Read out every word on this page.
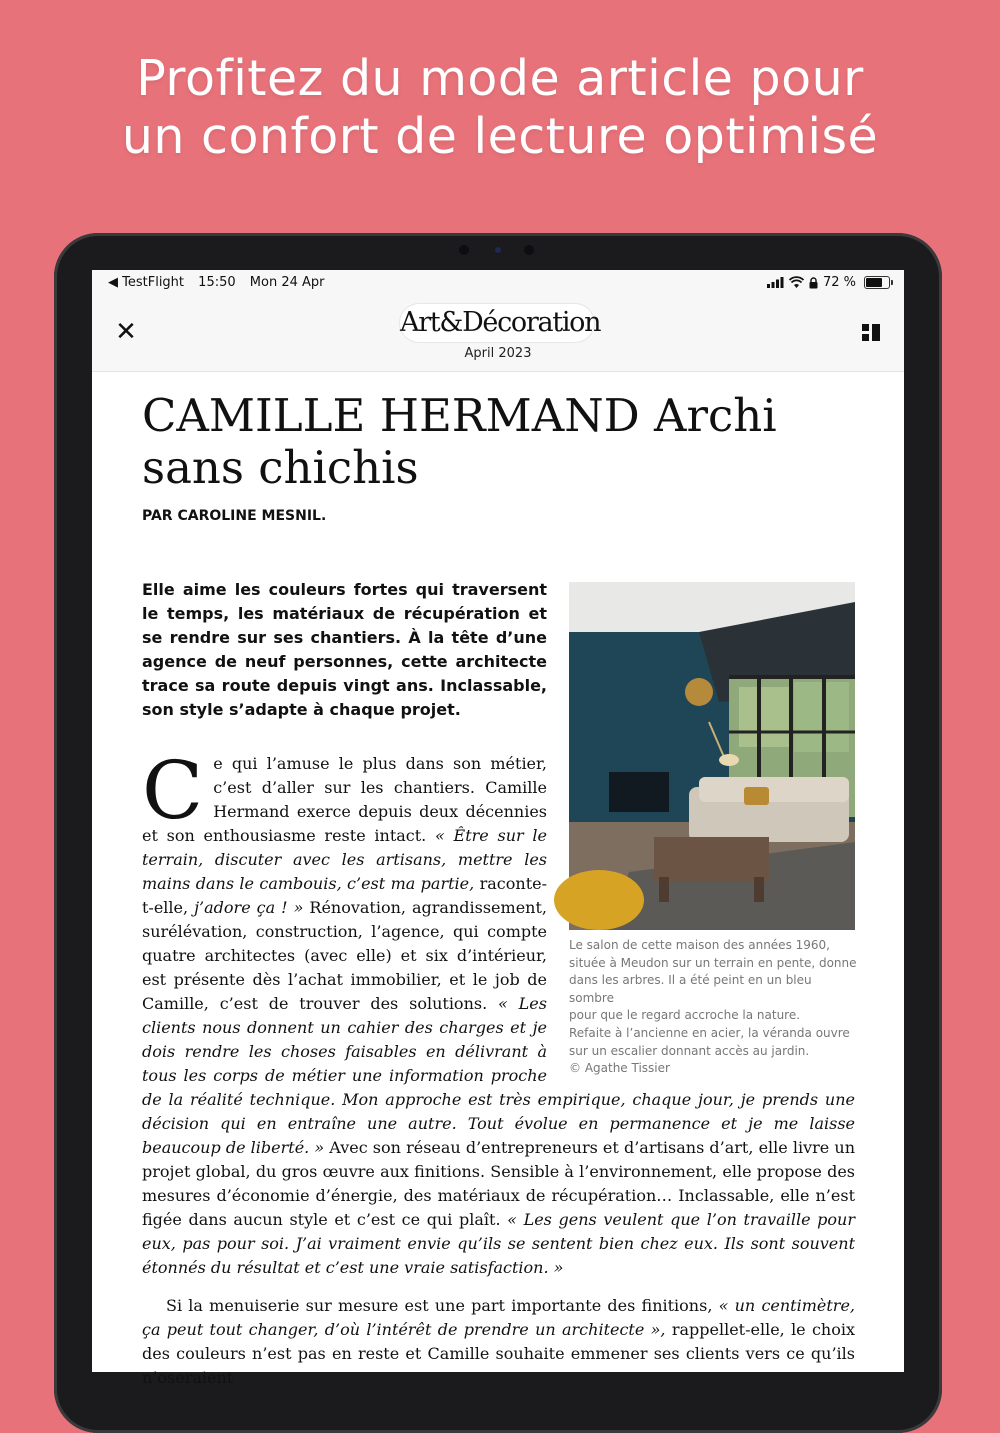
Profitez du mode article pour
un confort de lecture optimisé
◀ TestFlight 15:50 Mon 24 Apr	72 %
✕	Art&Décoration
April 2023
CAMILLE HERMAND Archi sans chichis
PAR CAROLINE MESNIL.

Elle aime les couleurs fortes qui traversent le temps, les matériaux de récupération et se rendre sur ses chantiers. À la tête d’une agence de neuf personnes, cette architecte trace sa route depuis vingt ans. Inclassable, son style s’adapte à chaque projet.

Le salon de cette maison des années 1960,
située à Meudon sur un terrain en pente, donne
dans les arbres. Il a été peint en un bleu sombre
pour que le regard accroche la nature.
Refaite à l’ancienne en acier, la véranda ouvre
sur un escalier donnant accès au jardin.
© Agathe Tissier

Ce qui l’amuse le plus dans son métier, c’est d’aller sur les chantiers. Camille Hermand exerce depuis deux décennies et son enthousiasme reste intact. « Être sur le terrain, discuter avec les artisans, mettre les mains dans le cambouis, c’est ma partie, raconte-t-elle, j’adore ça ! » Rénovation, agrandissement, surélévation, construction, l’agence, qui compte quatre architectes (avec elle) et six d’intérieur, est présente dès l’achat immobilier, et le job de Camille, c’est de trouver des solutions. « Les clients nous donnent un cahier des charges et je dois rendre les choses faisables en délivrant à tous les corps de métier une information proche de la réalité technique. Mon approche est très empirique, chaque jour, je prends une décision qui en entraîne une autre. Tout évolue en permanence et je me laisse beaucoup de liberté. » Avec son réseau d’entrepreneurs et d’artisans d’art, elle livre un projet global, du gros œuvre aux finitions. Sensible à l’environnement, elle propose des mesures d’économie d’énergie, des matériaux de récupération… Inclassable, elle n’est figée dans aucun style et c’est ce qui plaît. « Les gens veulent que l’on travaille pour eux, pas pour soi. J’ai vraiment envie qu’ils se sentent bien chez eux. Ils sont souvent étonnés du résultat et c’est une vraie satisfaction. »

Si la menuiserie sur mesure est une part importante des finitions, « un centimètre, ça peut tout changer, d’où l’intérêt de prendre un architecte », rappellet-elle, le choix des couleurs n’est pas en reste et Camille souhaite emmener ses clients vers ce qu’ils n’oseraient
